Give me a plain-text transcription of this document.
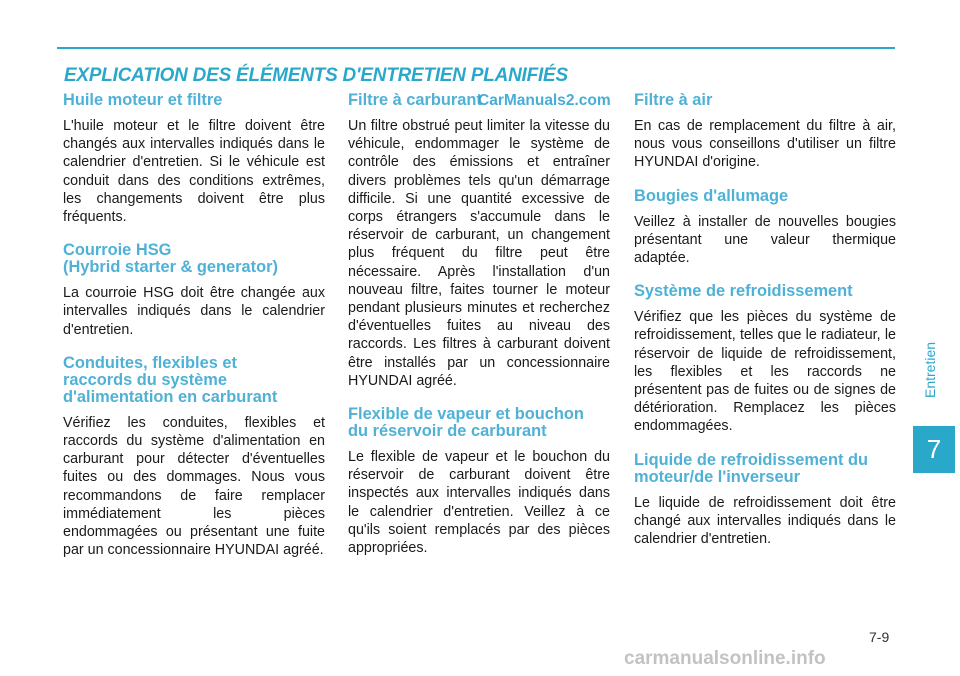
EXPLICATION DES ÉLÉMENTS D'ENTRETIEN PLANIFIÉS
Entretien
7
Huile moteur et filtre
L'huile moteur et le filtre doivent être changés aux intervalles indiqués dans le calendrier d'entretien. Si le véhicule est conduit dans des conditions extrêmes, les changements doivent être plus fréquents.
Courroie HSG
(Hybrid starter & generator)
La courroie HSG doit être changée aux intervalles indiqués dans le calendrier d'entretien.
Conduites, flexibles et
raccords du système
d'alimentation en carburant
Vérifiez les conduites, flexibles et raccords du système d'alimentation en carburant pour détecter d'éventuelles fuites ou des dommages. Nous vous recommandons de faire remplacer immédiatement les pièces endommagées ou présentant une fuite par un concessionnaire HYUNDAI agréé.
Filtre à carburant
Un filtre obstrué peut limiter la vitesse du véhicule, endommager le système de contrôle des émissions et entraîner divers problèmes tels qu'un démarrage difficile. Si une quantité excessive de corps étrangers s'accumule dans le réservoir de carburant, un changement plus fréquent du filtre peut être nécessaire. Après l'installation d'un nouveau filtre, faites tourner le moteur pendant plusieurs minutes et recherchez d'éventuelles fuites au niveau des raccords. Les filtres à carburant doivent être installés par un concessionnaire HYUNDAI agréé.
Flexible de vapeur et bouchon
du réservoir de carburant
Le flexible de vapeur et le bouchon du réservoir de carburant doivent être inspectés aux intervalles indiqués dans le calendrier d'entretien. Veillez à ce qu'ils soient remplacés par des pièces appropriées.
Filtre à air
En cas de remplacement du filtre à air, nous vous conseillons d'utiliser un filtre HYUNDAI d'origine.
Bougies d'allumage
Veillez à installer de nouvelles bougies présentant une valeur thermique adaptée.
Système de refroidissement
Vérifiez que les pièces du système de refroidissement, telles que le radiateur, le réservoir de liquide de refroidissement, les flexibles et les raccords ne présentent pas de fuites ou de signes de détérioration. Remplacez les pièces endommagées.
Liquide de refroidissement du
moteur/de l'inverseur
Le liquide de refroidissement doit être changé aux intervalles indiqués dans le calendrier d'entretien.
CarManuals2.com
7-9
carmanualsonline.info
